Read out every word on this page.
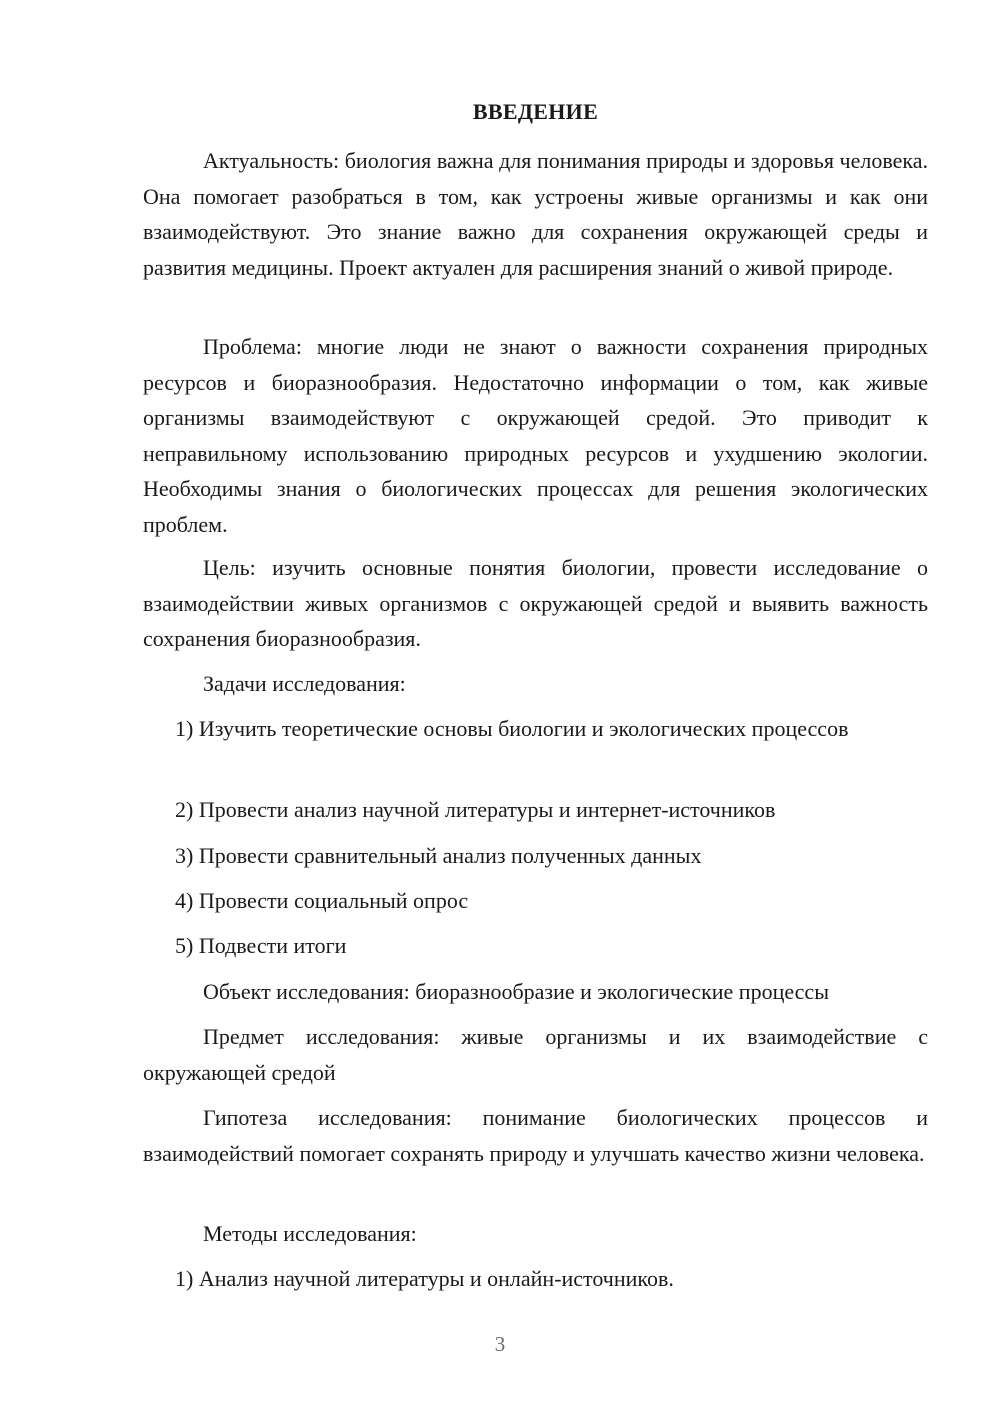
ВВЕДЕНИЕ

Актуальность: биология важна для понимания природы и здоровья человека. Она помогает разобраться в том, как устроены живые организмы и как они взаимодействуют. Это знание важно для сохранения окружающей среды и развития медицины. Проект актуален для расширения знаний о живой природе.

Проблема: многие люди не знают о важности сохранения природных ресурсов и биоразнообразия. Недостаточно информации о том, как живые организмы взаимодействуют с окружающей средой. Это приводит к неправильному использованию природных ресурсов и ухудшению экологии. Необходимы знания о биологических процессах для решения экологических проблем.

Цель: изучить основные понятия биологии, провести исследование о взаимодействии живых организмов с окружающей средой и выявить важность сохранения биоразнообразия.

Задачи исследования:

1) Изучить теоретические основы биологии и экологических процессов

2) Провести анализ научной литературы и интернет-источников

3) Провести сравнительный анализ полученных данных

4) Провести социальный опрос

5) Подвести итоги

Объект исследования: биоразнообразие и экологические процессы

Предмет исследования: живые организмы и их взаимодействие с окружающей средой

Гипотеза исследования: понимание биологических процессов и взаимодействий помогает сохранять природу и улучшать качество жизни человека.

Методы исследования:

1) Анализ научной литературы и онлайн-источников.

3
